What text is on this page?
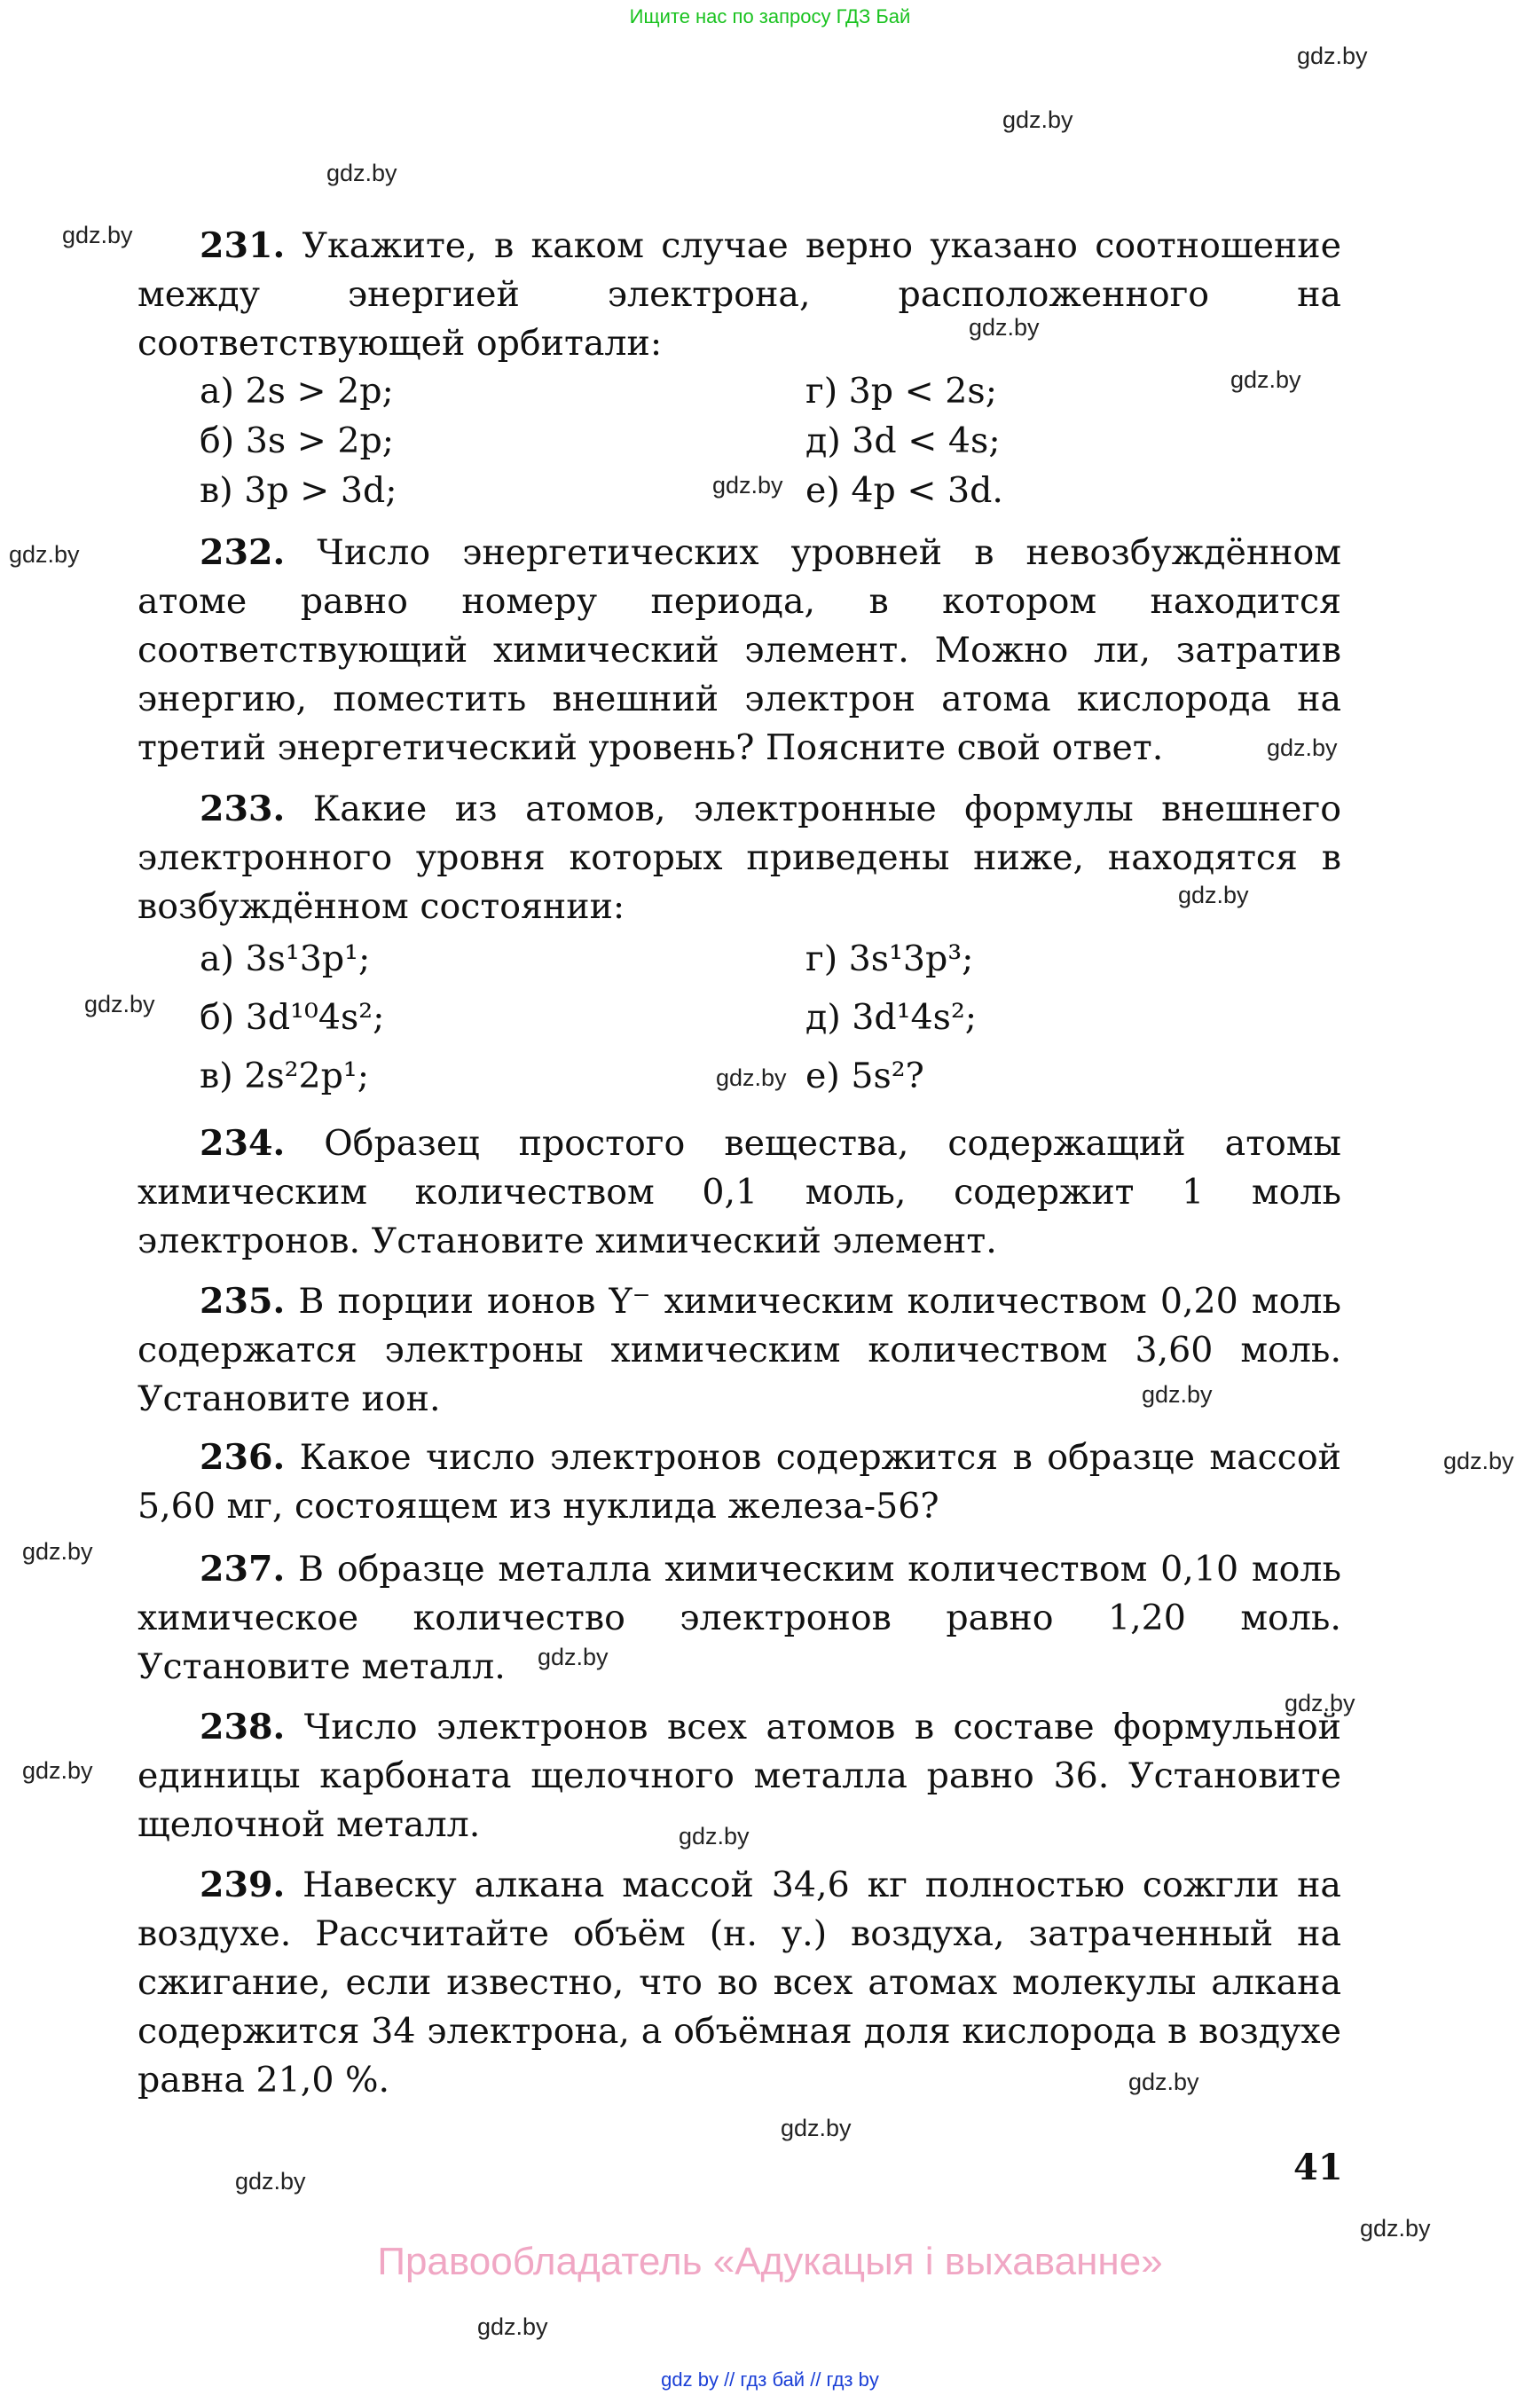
Ищите нас по запросу ГДЗ Бай
gdz.by
gdz.by
gdz.by
gdz.by
gdz.by
gdz.by
gdz.by
gdz.by
gdz.by
gdz.by
gdz.by
gdz.by
gdz.by
gdz.by
gdz.by
gdz.by
gdz.by
gdz.by
gdz.by
gdz.by
gdz.by
gdz.by
gdz.by
gdz.by
231. Укажите, в каком случае верно указано соотношение между энергией электрона, расположенного на соответствующей орбитали:
а) 2s > 2p;
б) 3s > 2p;
в) 3p > 3d;
г) 3p < 2s;
д) 3d < 4s;
е) 4p < 3d.
232. Число энергетических уровней в невозбуждённом атоме равно номеру периода, в котором находится соответствующий химический элемент. Можно ли, затратив энергию, поместить внешний электрон атома кислорода на третий энергетический уровень? Поясните свой ответ.
233. Какие из атомов, электронные формулы внешнего электронного уровня которых приведены ниже, находятся в возбуждённом состоянии:
а) 3s¹3p¹;
б) 3d¹⁰4s²;
в) 2s²2p¹;
г) 3s¹3p³;
д) 3d¹4s²;
е) 5s²?
234. Образец простого вещества, содержащий атомы химическим количеством 0,1 моль, содержит 1 моль электронов. Установите химический элемент.
235. В порции ионов Y⁻ химическим количеством 0,20 моль содержатся электроны химическим количеством 3,60 моль. Установите ион.
236. Какое число электронов содержится в образце массой 5,60 мг, состоящем из нуклида железа-56?
237. В образце металла химическим количеством 0,10 моль химическое количество электронов равно 1,20 моль. Установите металл.
238. Число электронов всех атомов в составе формульной единицы карбоната щелочного металла равно 36. Установите щелочной металл.
239. Навеску алкана массой 34,6 кг полностью сожгли на воздухе. Рассчитайте объём (н. у.) воздуха, затраченный на сжигание, если известно, что во всех атомах молекулы алкана содержится 34 электрона, а объёмная доля кислорода в воздухе равна 21,0 %.
41
Правообладатель «Адукацыя і выхаванне»
gdz by // гдз бай // гдз by
